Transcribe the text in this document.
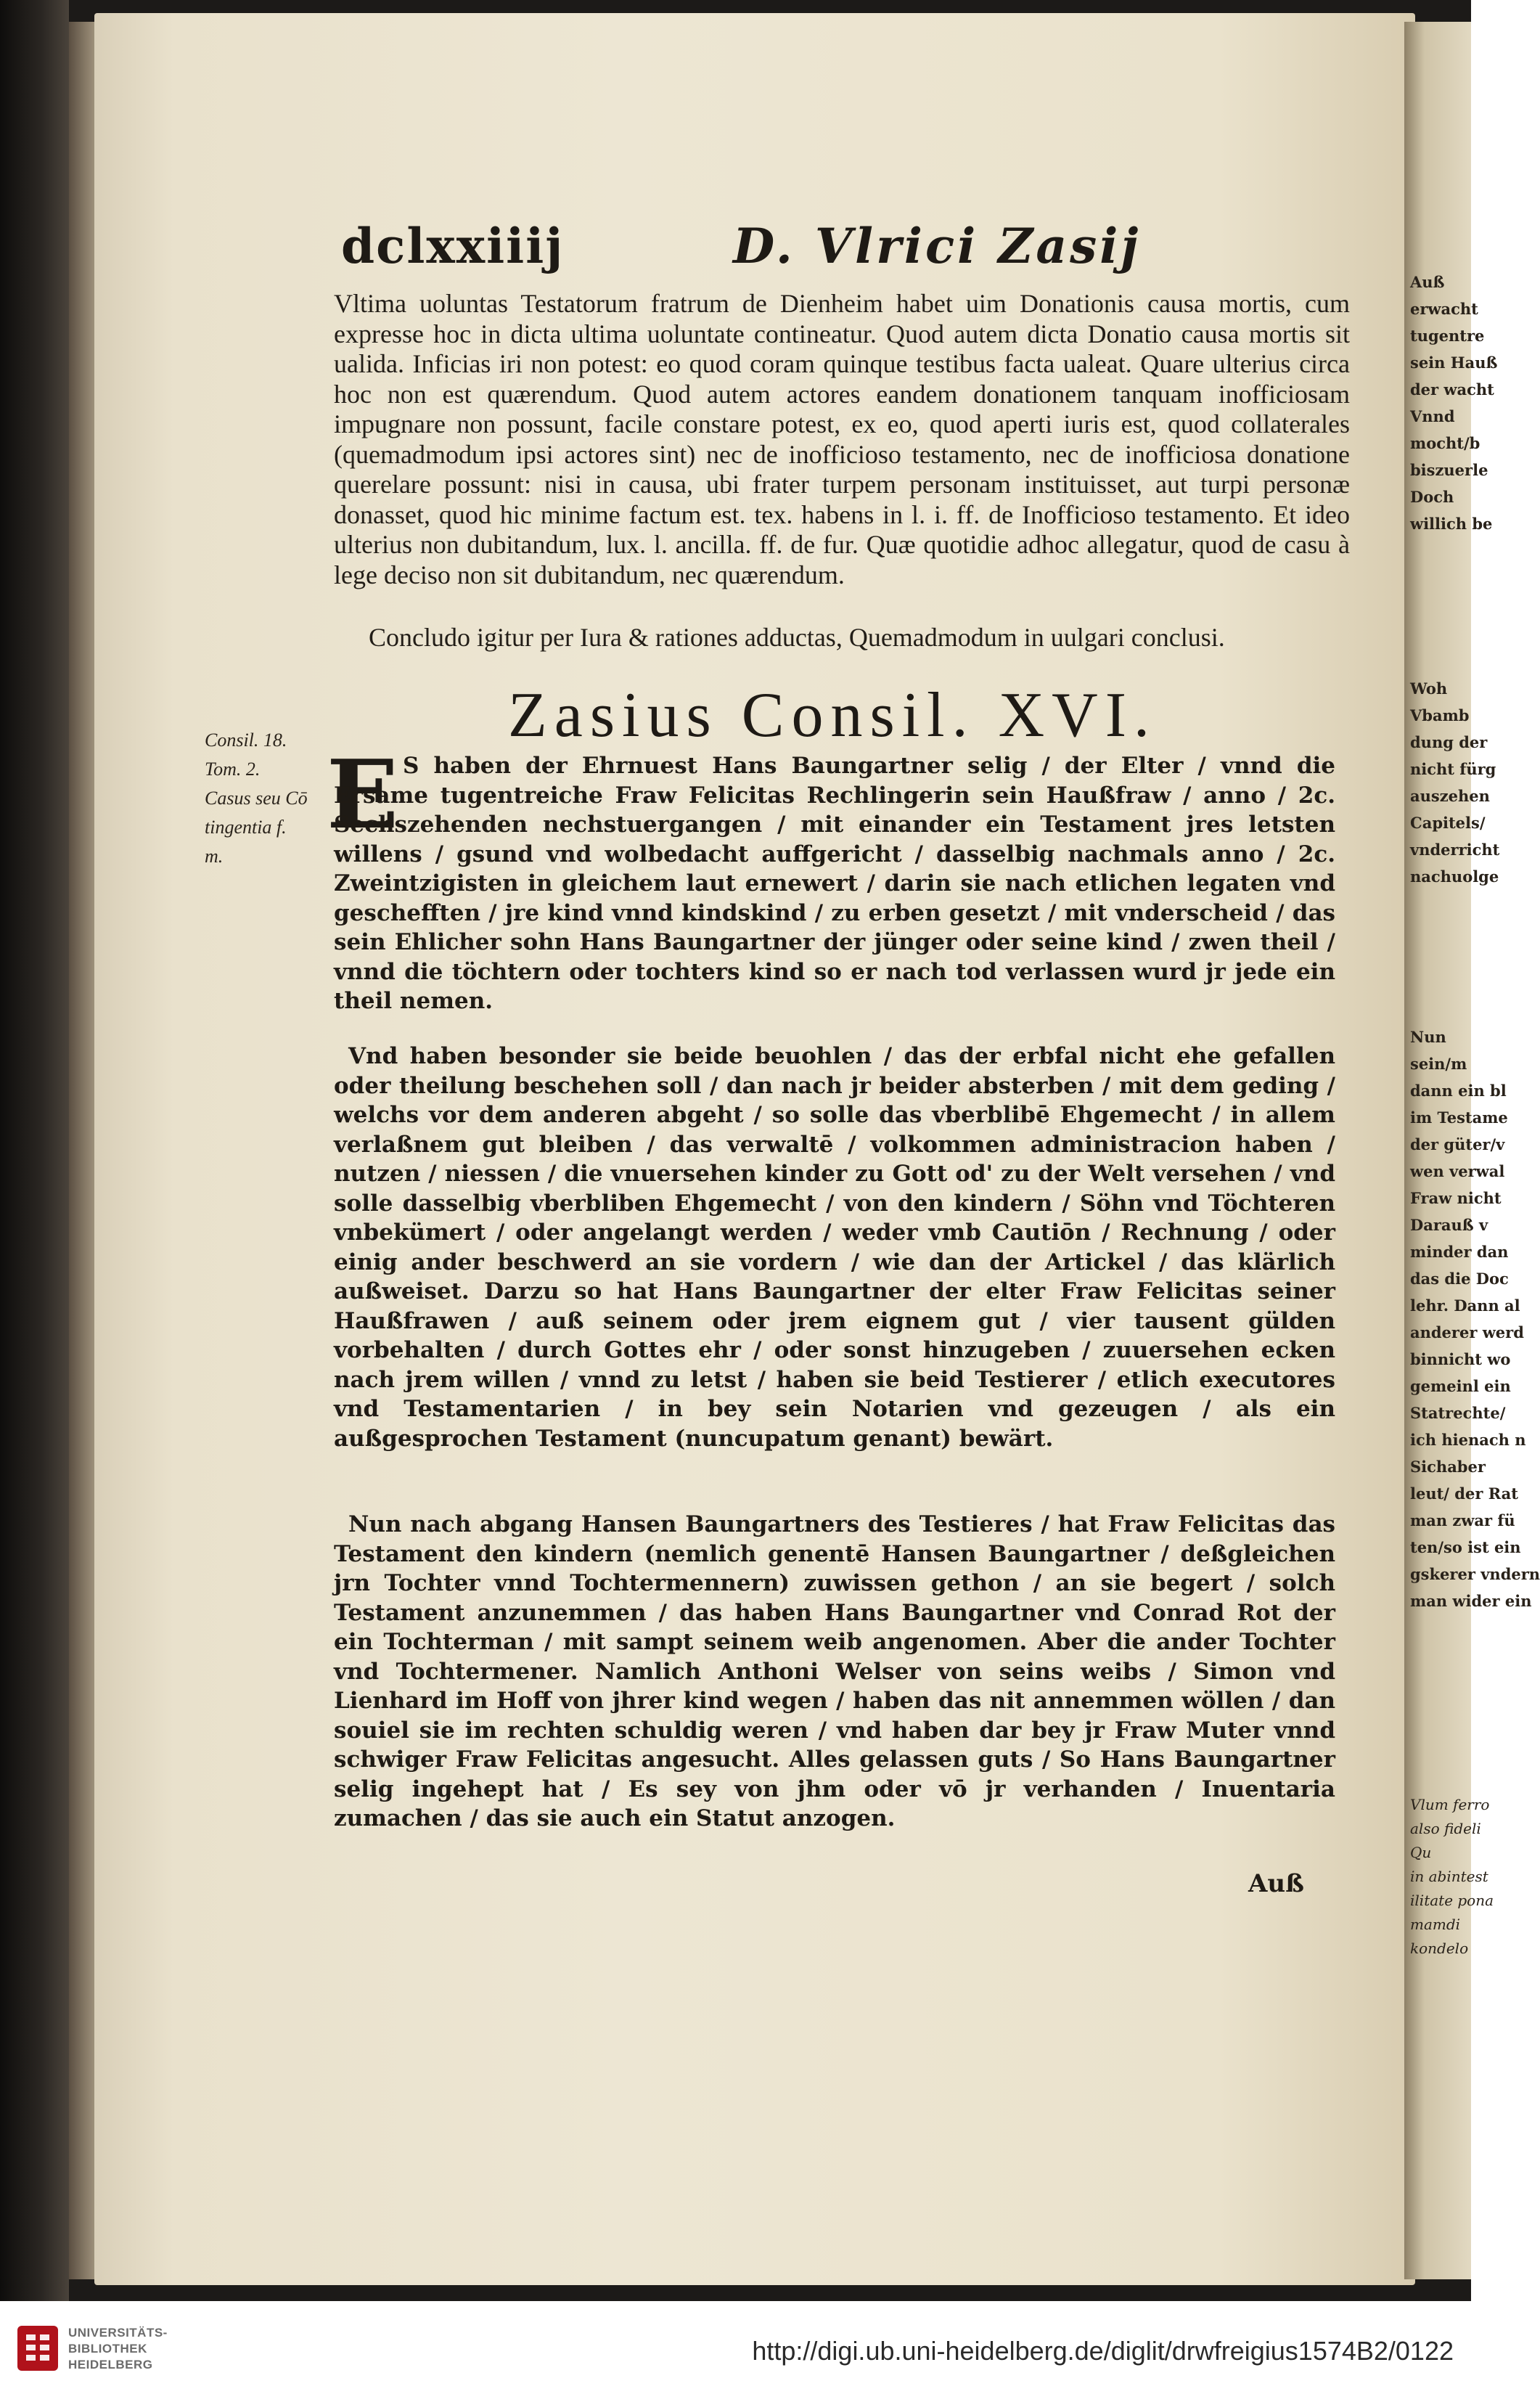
dclxxiiij	D. Vlrici Zasij
Vltima uoluntas Testatorum fratrum de Dienheim habet uim Donationis causa mortis, cum expresse hoc in dicta ultima uoluntate contineatur. Quod autem dicta Donatio causa mortis sit ualida. Inficias iri non potest: eo quod coram quinque testibus facta ualeat. Quare ulterius circa hoc non est quærendum. Quod autem actores eandem donationem tanquam inofficiosam impugnare non possunt, facile constare potest, ex eo, quod aperti iuris est, quod collaterales (quemadmodum ipsi actores sint) nec de inofficioso testamento, nec de inofficiosa donatione querelare possunt: nisi in causa, ubi frater turpem personam instituisset, aut turpi personæ donasset, quod hic minime factum est. tex. habens in l. i. ff. de Inofficioso testamento. Et ideo ulterius non dubitandum, lux. l. ancilla. ff. de fur. Quæ quotidie adhoc allegatur, quod de casu à lege deciso non sit dubitandum, nec quærendum.
Concludo igitur per Iura & rationes adductas, Quemadmodum in uulgari conclusi.
Zasius Consil. XVI.
Consil. 18.
Tom. 2.
Casus seu Cō
tingentia f.
m.
E S haben der Ehrnuest Hans Baungartner selig / der Elter / vnnd die Ersame tugentreiche Fraw Felicitas Rechlingerin sein Haußfraw / anno / 2c. Sechszehenden nechstuergangen / mit einander ein Testament jres letsten willens / gsund vnd wolbedacht auffgericht / dasselbig nachmals anno / 2c. Zweintzigisten in gleichem laut ernewert / darin sie nach etlichen legaten vnd geschefften / jre kind vnnd kindskind / zu erben gesetzt / mit vnderscheid / das sein Ehlicher sohn Hans Baungartner der jünger oder seine kind / zwen theil / vnnd die töchtern oder tochters kind so er nach tod verlassen wurd jr jede ein theil nemen.
Vnd haben besonder sie beide beuohlen / das der erbfal nicht ehe gefallen oder theilung beschehen soll / dan nach jr beider absterben / mit dem geding / welchs vor dem anderen abgeht / so solle das vberblibē Ehgemecht / in allem verlaßnem gut bleiben / das verwaltē / volkommen administracion haben / nutzen / niessen / die vnuersehen kinder zu Gott od' zu der Welt versehen / vnd solle dasselbig vberbliben Ehgemecht / von den kindern / Söhn vnd Töchteren vnbekümert / oder angelangt werden / weder vmb Cautiōn / Rechnung / oder einig ander beschwerd an sie vordern / wie dan der Artickel / das klärlich außweiset. Darzu so hat Hans Baungartner der elter Fraw Felicitas seiner Haußfrawen / auß seinem oder jrem eignem gut / vier tausent gülden vorbehalten / durch Gottes ehr / oder sonst hinzugeben / zuuersehen ecken nach jrem willen / vnnd zu letst / haben sie beid Testierer / etlich executores vnd Testamentarien / in bey sein Notarien vnd gezeugen / als ein außgesprochen Testament (nuncupatum genant) bewärt.
Nun nach abgang Hansen Baungartners des Testieres / hat Fraw Felicitas das Testament den kindern (nemlich genentē Hansen Baungartner / deßgleichen jrn Tochter vnnd Tochtermennern) zuwissen gethon / an sie begert / solch Testament anzunemmen / das haben Hans Baungartner vnd Conrad Rot der ein Tochterman / mit sampt seinem weib angenomen. Aber die ander Tochter vnd Tochtermener. Namlich Anthoni Welser von seins weibs / Simon vnd Lienhard im Hoff von jhrer kind wegen / haben das nit annemmen wöllen / dan souiel sie im rechten schuldig weren / vnd haben dar bey jr Fraw Muter vnnd schwiger Fraw Felicitas angesucht. Alles gelassen guts / So Hans Baungartner selig ingehept hat / Es sey von jhm oder vō jr verhanden / Inuentaria zumachen / das sie auch ein Statut anzogen.
Auß
Auß
erwacht
tugentre
sein Hauß
der wacht
Vnnd
mocht/b
biszuerle
Doch
willich be
Woh
Vbamb
dung der
nicht fürg
auszehen
Capitels/
vnderricht
nachuolge
Nun
sein/m
dann ein bl
im Testame
der güter/v
wen verwal
Fraw nicht
Darauß v
minder dan
das die Doc
lehr. Dann al
anderer werd
binnicht wo
gemeinl ein
Statrechte/
ich hienach n
Sichaber
leut/ der Rat
man zwar fü
ten/so ist ein
gskerer vndern
man wider ein
Vlum ferro
also fideli
Qu
in abintest
ilitate pona
mamdi
kondelo
UNIVERSITÄTS-
BIBLIOTHEK
HEIDELBERG	http://digi.ub.uni-heidelberg.de/diglit/drwfreigius1574B2/0122
